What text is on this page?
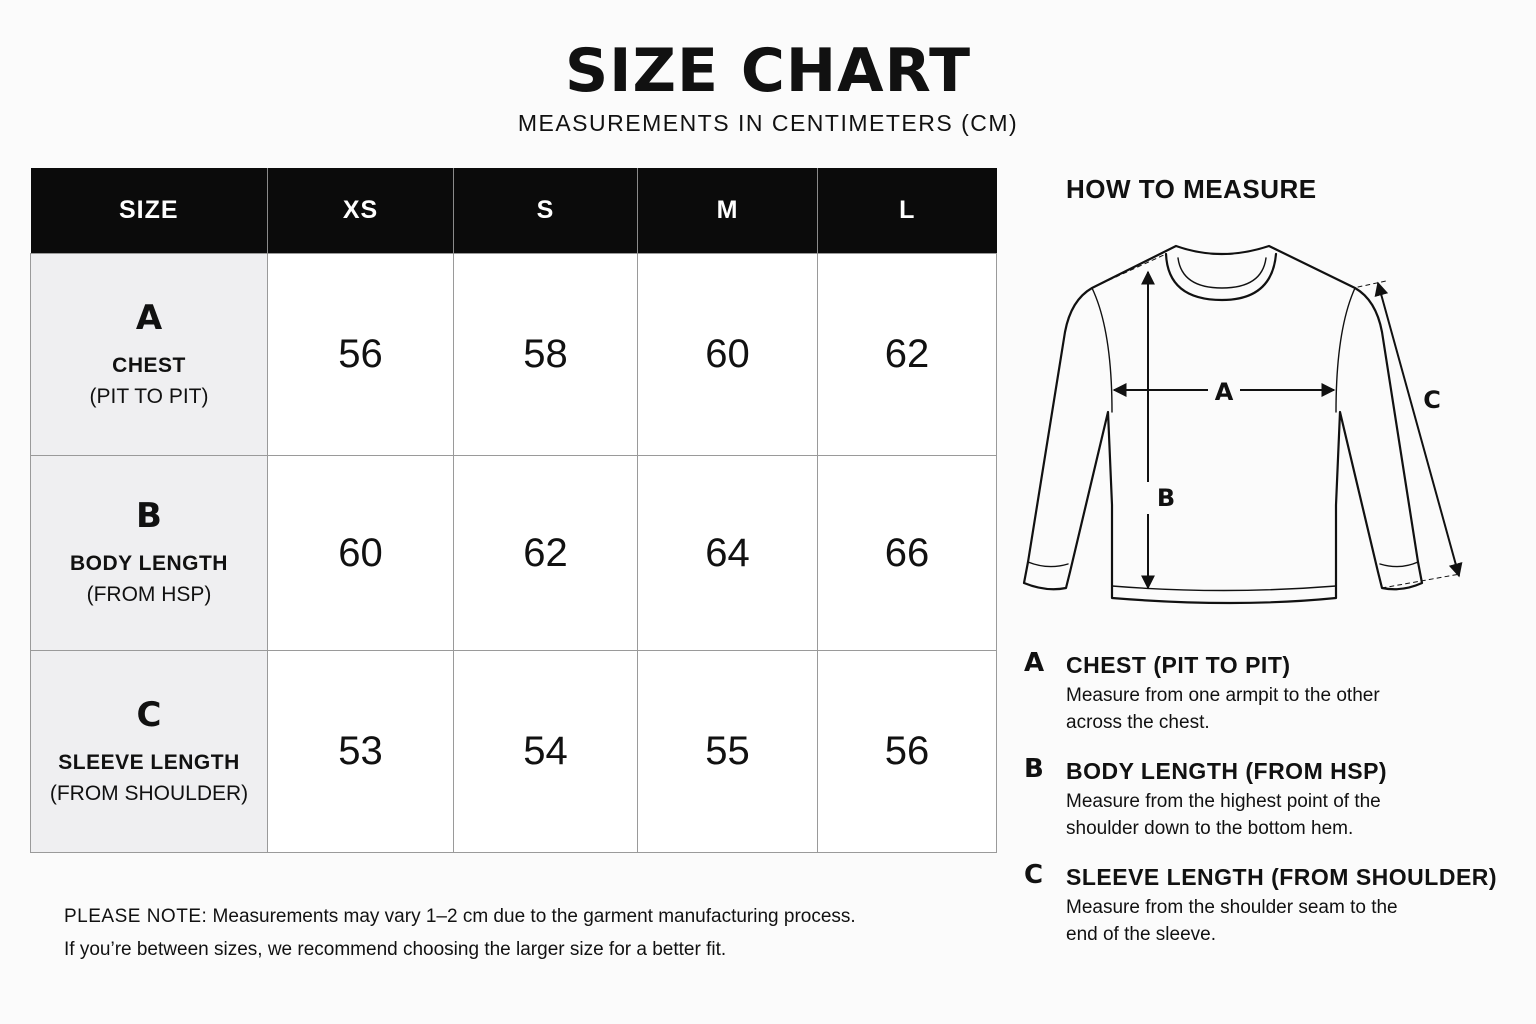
SIZE CHART
MEASUREMENTS IN CENTIMETERS (CM)
SIZE	XS	S	M	L

A
CHEST
(PIT TO PIT)	56	58	60	62

B
BODY LENGTH
(FROM HSP)	60	62	64	66

C
SLEEVE LENGTH
(FROM SHOULDER)	53	54	55	56
PLEASE NOTE: Measurements may vary 1–2 cm due to the garment manufacturing process.
If you’re between sizes, we recommend choosing the larger size for a better fit.
HOW TO MEASURE
A
B
C
A CHEST (PIT TO PIT)
Measure from one armpit to the other across the chest.
B BODY LENGTH (FROM HSP)
Measure from the highest point of the shoulder down to the bottom hem.
C SLEEVE LENGTH (FROM SHOULDER)
Measure from the shoulder seam to the end of the sleeve.
